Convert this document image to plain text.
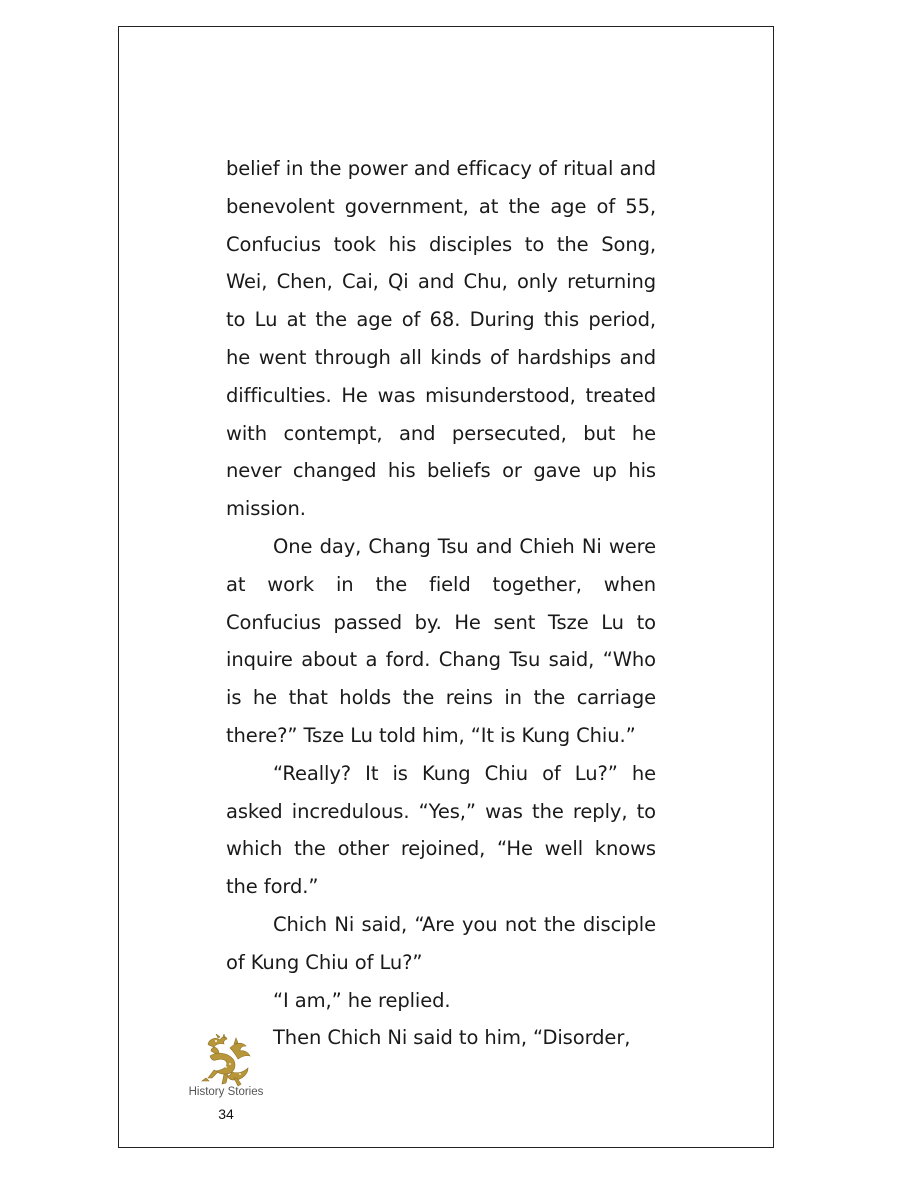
belief in the power and efficacy of ritual and benevolent government, at the age of 55, Confucius took his disciples to the Song, Wei, Chen, Cai, Qi and Chu, only returning to Lu at the age of 68. During this period, he went through all kinds of hardships and difficulties. He was misunderstood, treated with contempt, and persecuted, but he never changed his beliefs or gave up his mission.

One day, Chang Tsu and Chieh Ni were at work in the field together, when Confucius passed by. He sent Tsze Lu to inquire about a ford. Chang Tsu said, “Who is he that holds the reins in the carriage there?” Tsze Lu told him, “It is Kung Chiu.”

“Really? It is Kung Chiu of Lu?” he asked incredulous. “Yes,” was the reply, to which the other rejoined, “He well knows the ford.”

Chich Ni said, “Are you not the disciple of Kung Chiu of Lu?”

“I am,” he replied.

Then Chich Ni said to him, “Disorder,

History Stories
34
